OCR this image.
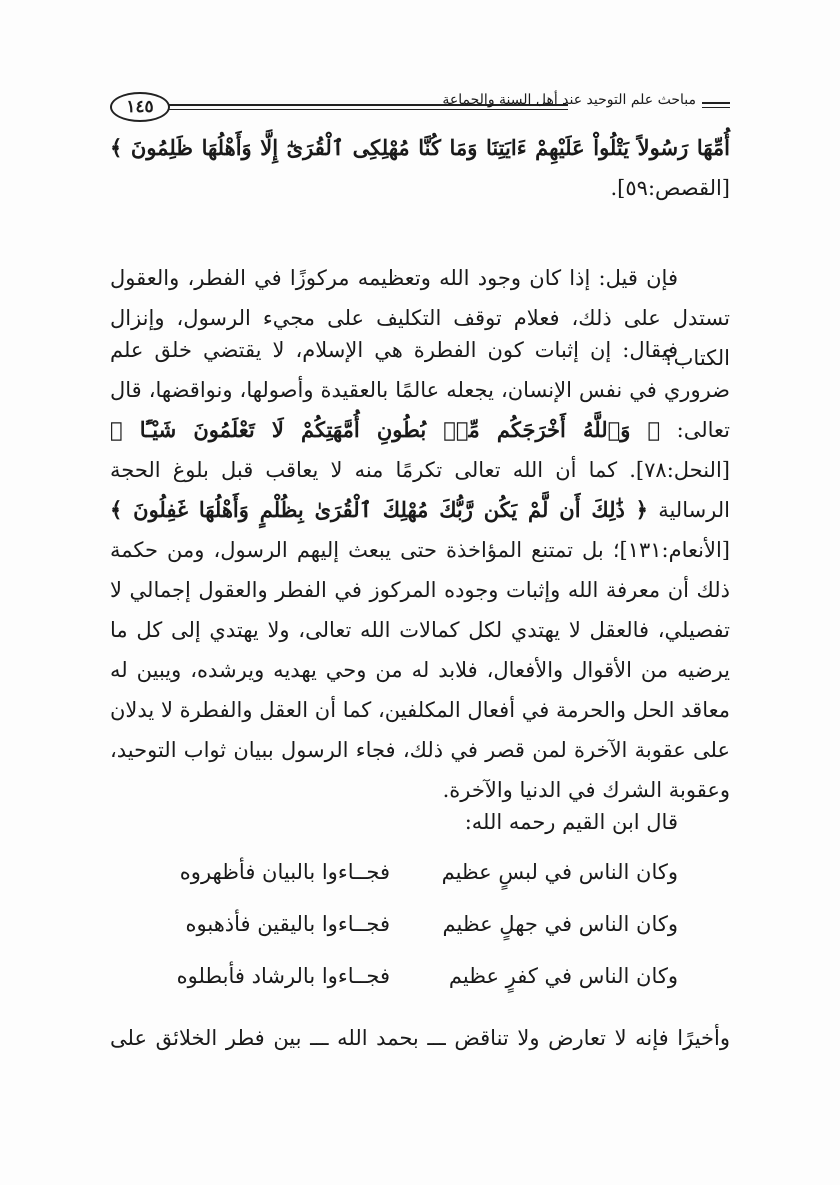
١٤٥	مباحث علم التوحيد عند أهل السنة والجماعة
أُمِّهَا رَسُولاً يَتْلُواْ عَلَيْهِمْ ءَايَتِنَا وَمَا كُنَّا مُهْلِكِى ٱلْقُرَىٰٓ إِلَّا وَأَهْلُهَا ظَلِمُونَ ﴾ [القصص:٥٩].
فإن قيل: إذا كان وجود الله وتعظيمه مركوزًا في الفطر، والعقول تستدل على ذلك، فعلام توقف التكليف على مجيء الرسول، وإنزال الكتاب؟
فيقال: إن إثبات كون الفطرة هي الإسلام، لا يقتضي خلق علم ضروري في نفس الإنسان، يجعله عالمًا بالعقيدة وأصولها، ونواقضها، قال تعالى: ﴿ وَٱللَّهُ أَخْرَجَكُم مِّنۢ بُطُونِ أُمَّهَتِكُمْ لَا تَعْلَمُونَ شَيْـًٔا ﴾ [النحل:٧٨]. كما أن الله تعالى تكرمًا منه لا يعاقب قبل بلوغ الحجة الرسالية ﴿ ذَٰلِكَ أَن لَّمْ يَكُن رَّبُّكَ مُهْلِكَ ٱلْقُرَىٰ بِظُلْمٍ وَأَهْلُهَا غَفِلُونَ ﴾ [الأنعام:١٣١]؛ بل تمتنع المؤاخذة حتى يبعث إليهم الرسول، ومن حكمة ذلك أن معرفة الله وإثبات وجوده المركوز في الفطر والعقول إجمالي لا تفصيلي، فالعقل لا يهتدي لكل كمالات الله تعالى، ولا يهتدي إلى كل ما يرضيه من الأقوال والأفعال، فلابد له من وحي يهديه ويرشده، ويبين له معاقد الحل والحرمة في أفعال المكلفين، كما أن العقل والفطرة لا يدلان على عقوبة الآخرة لمن قصر في ذلك، فجاء الرسول ببيان ثواب التوحيد، وعقوبة الشرك في الدنيا والآخرة.
قال ابن القيم رحمه الله:
وكان الناس في لبسٍ عظيم
فجــاءوا بالبيان فأظهروه
وكان الناس في جهلٍ عظيم
فجــاءوا باليقين فأذهبوه
وكان الناس في كفرٍ عظيم
فجــاءوا بالرشاد فأبطلوه
وأخيرًا فإنه لا تعارض ولا تناقض ـــ بحمد الله ـــ بين فطر الخلائق على
